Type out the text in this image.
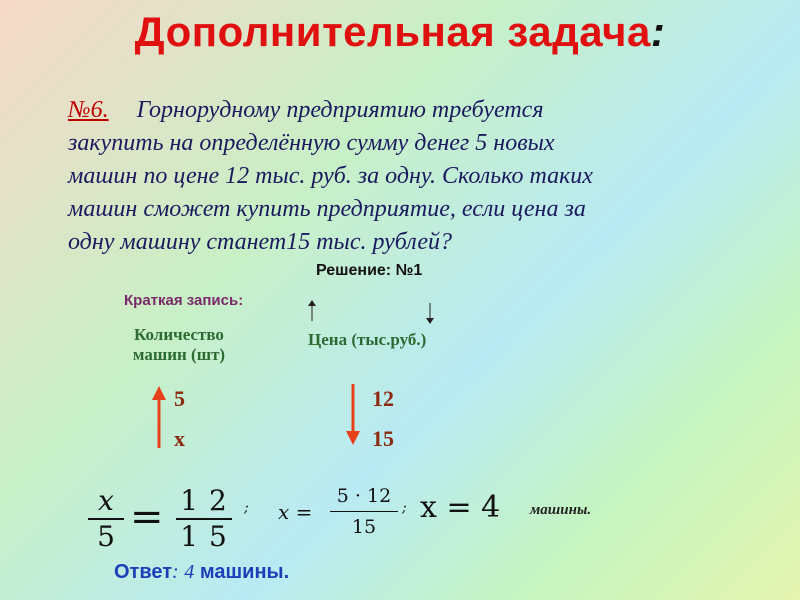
Дополнительная задача:
№6. Горнорудному предприятию требуется
закупить на определённую сумму денег 5 новых
машин по цене 12 тыс. руб. за одну. Сколько таких
машин сможет купить предприятие, если цена за
одну машину станет15 тыс. рублей?
Решение: №1
Краткая запись:
Количество
машин (шт)
Цена (тыс.руб.)
5
x
12
15
x
5 = 1 2
1 5
; x =
5 · 12
15
; x = 4 машины.
Ответ: 4 машины.
